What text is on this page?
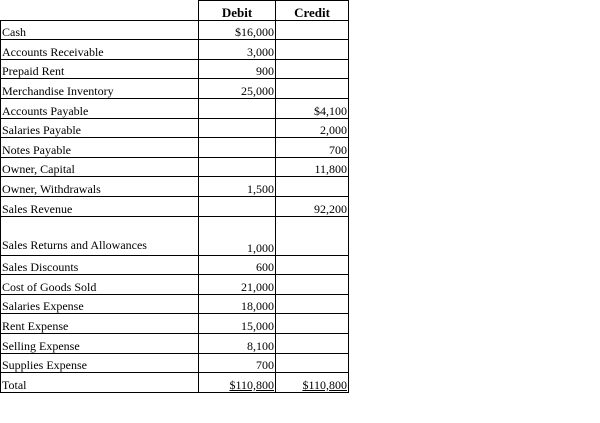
	Debit	Credit
Cash	$16,000	
Accounts Receivable	3,000	
Prepaid Rent	900	
Merchandise Inventory	25,000	
Accounts Payable		$4,100
Salaries Payable		2,000
Notes Payable		700
Owner, Capital		11,800
Owner, Withdrawals	1,500	
Sales Revenue		92,200
Sales Returns and Allowances	1,000	
Sales Discounts	600	
Cost of Goods Sold	21,000	
Salaries Expense	18,000	
Rent Expense	15,000	
Selling Expense	8,100	
Supplies Expense	700	
Total	$110,800	$110,800
